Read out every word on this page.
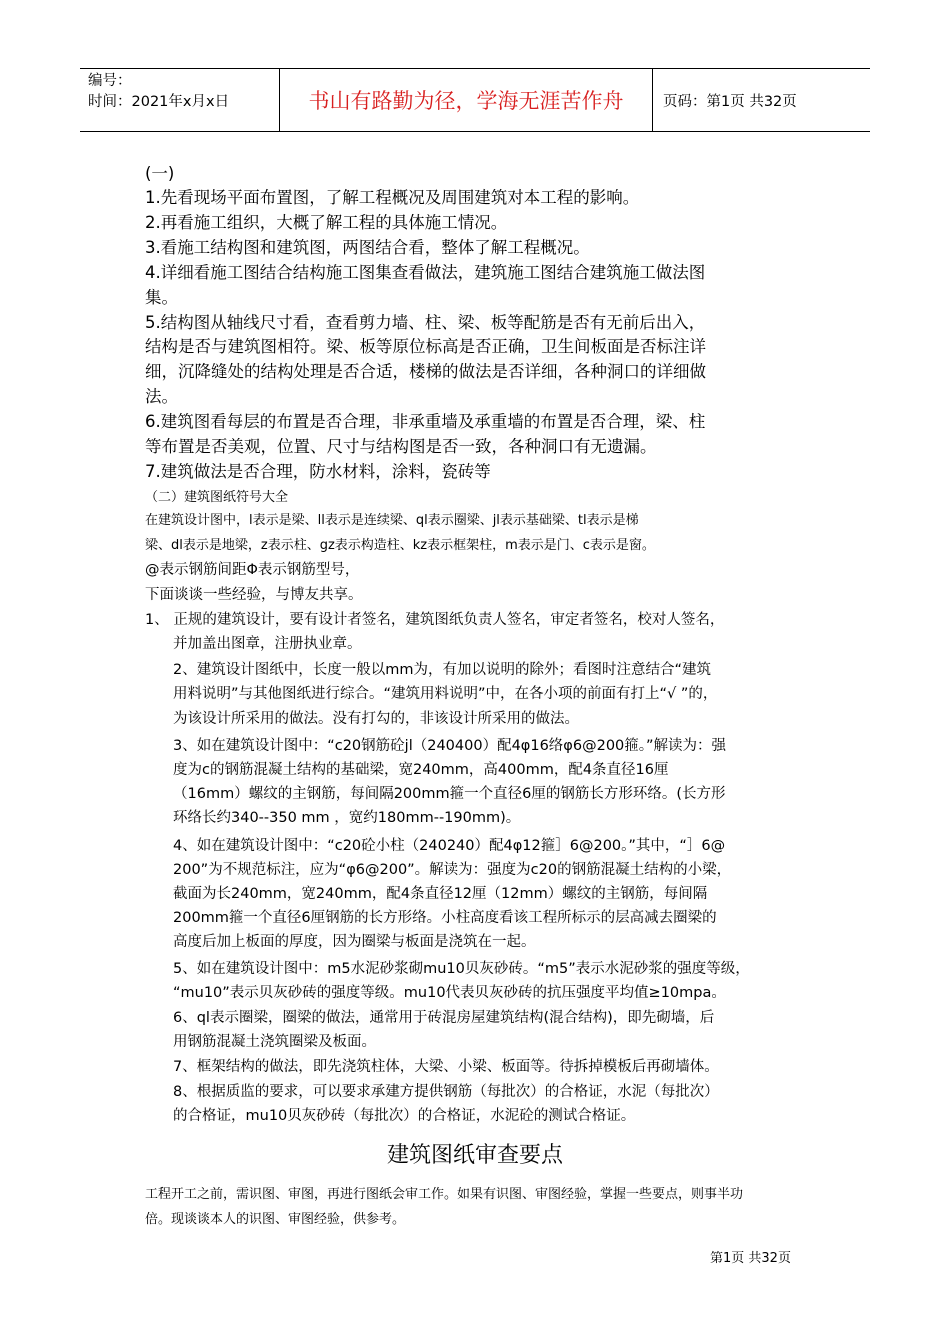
编号：
时间：2021年x月x日	书山有路勤为径，学海无涯苦作舟	页码：第1页 共32页
(一)
1.先看现场平面布置图，了解工程概况及周围建筑对本工程的影响。
2.再看施工组织，大概了解工程的具体施工情况。
3.看施工结构图和建筑图，两图结合看，整体了解工程概况。
4.详细看施工图结合结构施工图集查看做法，建筑施工图结合建筑施工做法图
集。
5.结构图从轴线尺寸看，查看剪力墙、柱、梁、板等配筋是否有无前后出入，
结构是否与建筑图相符。梁、板等原位标高是否正确，卫生间板面是否标注详
细，沉降缝处的结构处理是否合适，楼梯的做法是否详细，各种洞口的详细做
法。
6.建筑图看每层的布置是否合理，非承重墙及承重墙的布置是否合理，梁、柱
等布置是否美观，位置、尺寸与结构图是否一致，各种洞口有无遗漏。
7.建筑做法是否合理，防水材料，涂料，瓷砖等
（二）建筑图纸符号大全
在建筑设计图中，l表示是梁、ll表示是连续梁、ql表示圈梁、jl表示基础梁、tl表示是梯
梁、dl表示是地梁，z表示柱、gz表示构造柱、kz表示框架柱，m表示是门、c表示是窗。
@表示钢筋间距Φ表示钢筋型号，
下面谈谈一些经验，与博友共享。
1、 正规的建筑设计，要有设计者签名，建筑图纸负责人签名，审定者签名，校对人签名，
并加盖出图章，注册执业章。
2、建筑设计图纸中，长度一般以mm为，有加以说明的除外；看图时注意结合“建筑
用料说明”与其他图纸进行综合。“建筑用料说明”中，在各小项的前面有打上“√ ”的，
为该设计所采用的做法。没有打勾的，非该设计所采用的做法。
3、如在建筑设计图中：“c20钢筋砼jl（240400）配4φ16络φ6@200箍。”解读为：强
度为c的钢筋混凝土结构的基础梁，宽240mm，高400mm，配4条直径16厘
（16mm）螺纹的主钢筋，每间隔200mm箍一个直径6厘的钢筋长方形环络。(长方形
环络长约340--350 mm ，宽约180mm--190mm)。
4、如在建筑设计图中：“c20砼小柱（240240）配4φ12箍］6@200。”其中，“］6@
200”为不规范标注，应为“φ6@200”。解读为：强度为c20的钢筋混凝土结构的小梁，
截面为长240mm，宽240mm，配4条直径12厘（12mm）螺纹的主钢筋，每间隔
200mm箍一个直径6厘钢筋的长方形络。小柱高度看该工程所标示的层高减去圈梁的
高度后加上板面的厚度，因为圈梁与板面是浇筑在一起。
5、如在建筑设计图中：m5水泥砂浆砌mu10贝灰砂砖。“m5”表示水泥砂浆的强度等级，
“mu10”表示贝灰砂砖的强度等级。mu10代表贝灰砂砖的抗压强度平均值≥10mpa。
6、ql表示圈梁，圈梁的做法，通常用于砖混房屋建筑结构(混合结构)，即先砌墙，后
用钢筋混凝土浇筑圈梁及板面。
7、框架结构的做法，即先浇筑柱体，大梁、小梁、板面等。待拆掉模板后再砌墙体。
8、根据质监的要求，可以要求承建方提供钢筋（每批次）的合格证，水泥（每批次）
的合格证，mu10贝灰砂砖（每批次）的合格证，水泥砼的测试合格证。
建筑图纸审查要点
工程开工之前，需识图、审图，再进行图纸会审工作。如果有识图、审图经验，掌握一些要点，则事半功
倍。现谈谈本人的识图、审图经验，供参考。
第1页 共32页
